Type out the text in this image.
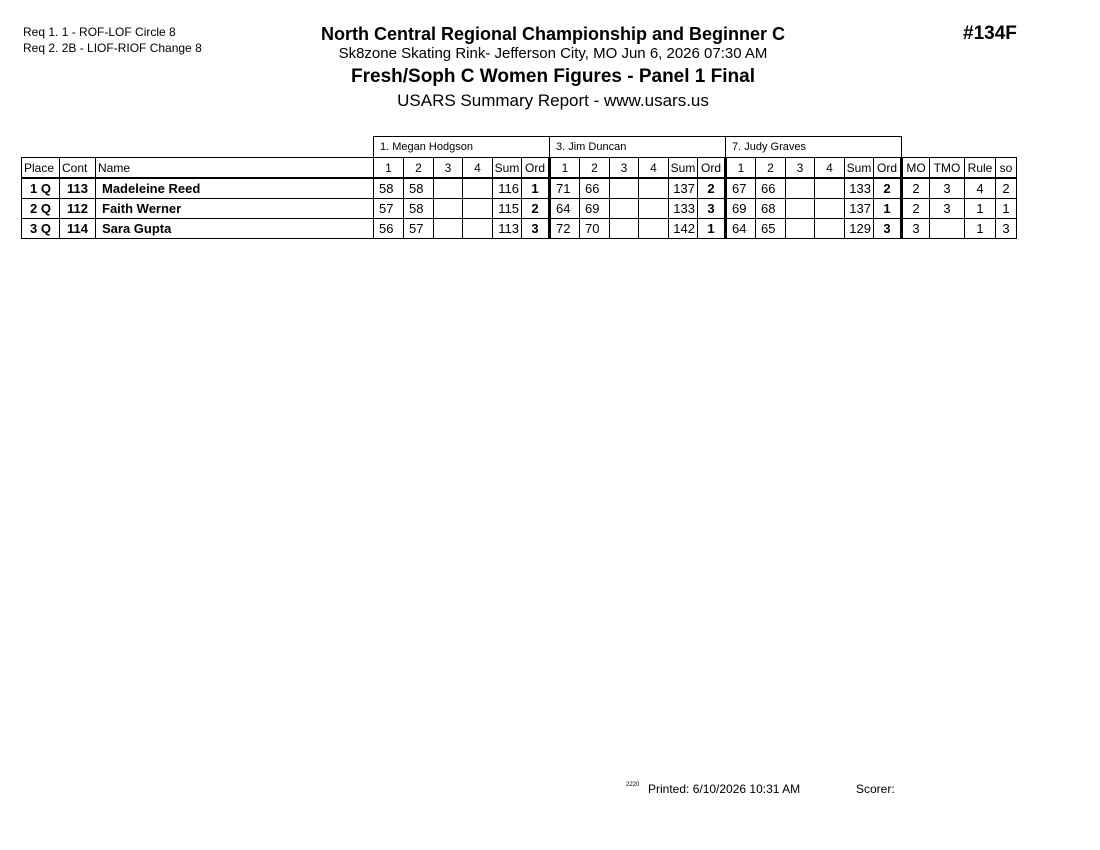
Req 1. 1 - ROF-LOF Circle 8
Req 2. 2B - LIOF-RIOF Change 8
North Central Regional Championship and Beginner C
Sk8zone Skating Rink- Jefferson City, MO Jun 6, 2026 07:30 AM
Fresh/Soph C Women Figures - Panel 1 Final
USARS Summary Report - www.usars.us
#134F
			1. Megan Hodgson						3. Jim Duncan						7. Judy Graves									
Place	Cont	Name	1	2	3	4	Sum	Ord	1	2	3	4	Sum	Ord	1	2	3	4	Sum	Ord	MO	TMO	Rule	so
1 Q	113	Madeleine Reed	58	58			116	1	71	66			137	2	67	66			133	2	2	3	4	2
2 Q	112	Faith Werner	57	58			115	2	64	69			133	3	69	68			137	1	2	3	1	1
3 Q	114	Sara Gupta	56	57			113	3	72	70			142	1	64	65			129	3	3		1	3
2220 Printed: 6/10/2026 10:31 AM	Scorer:
